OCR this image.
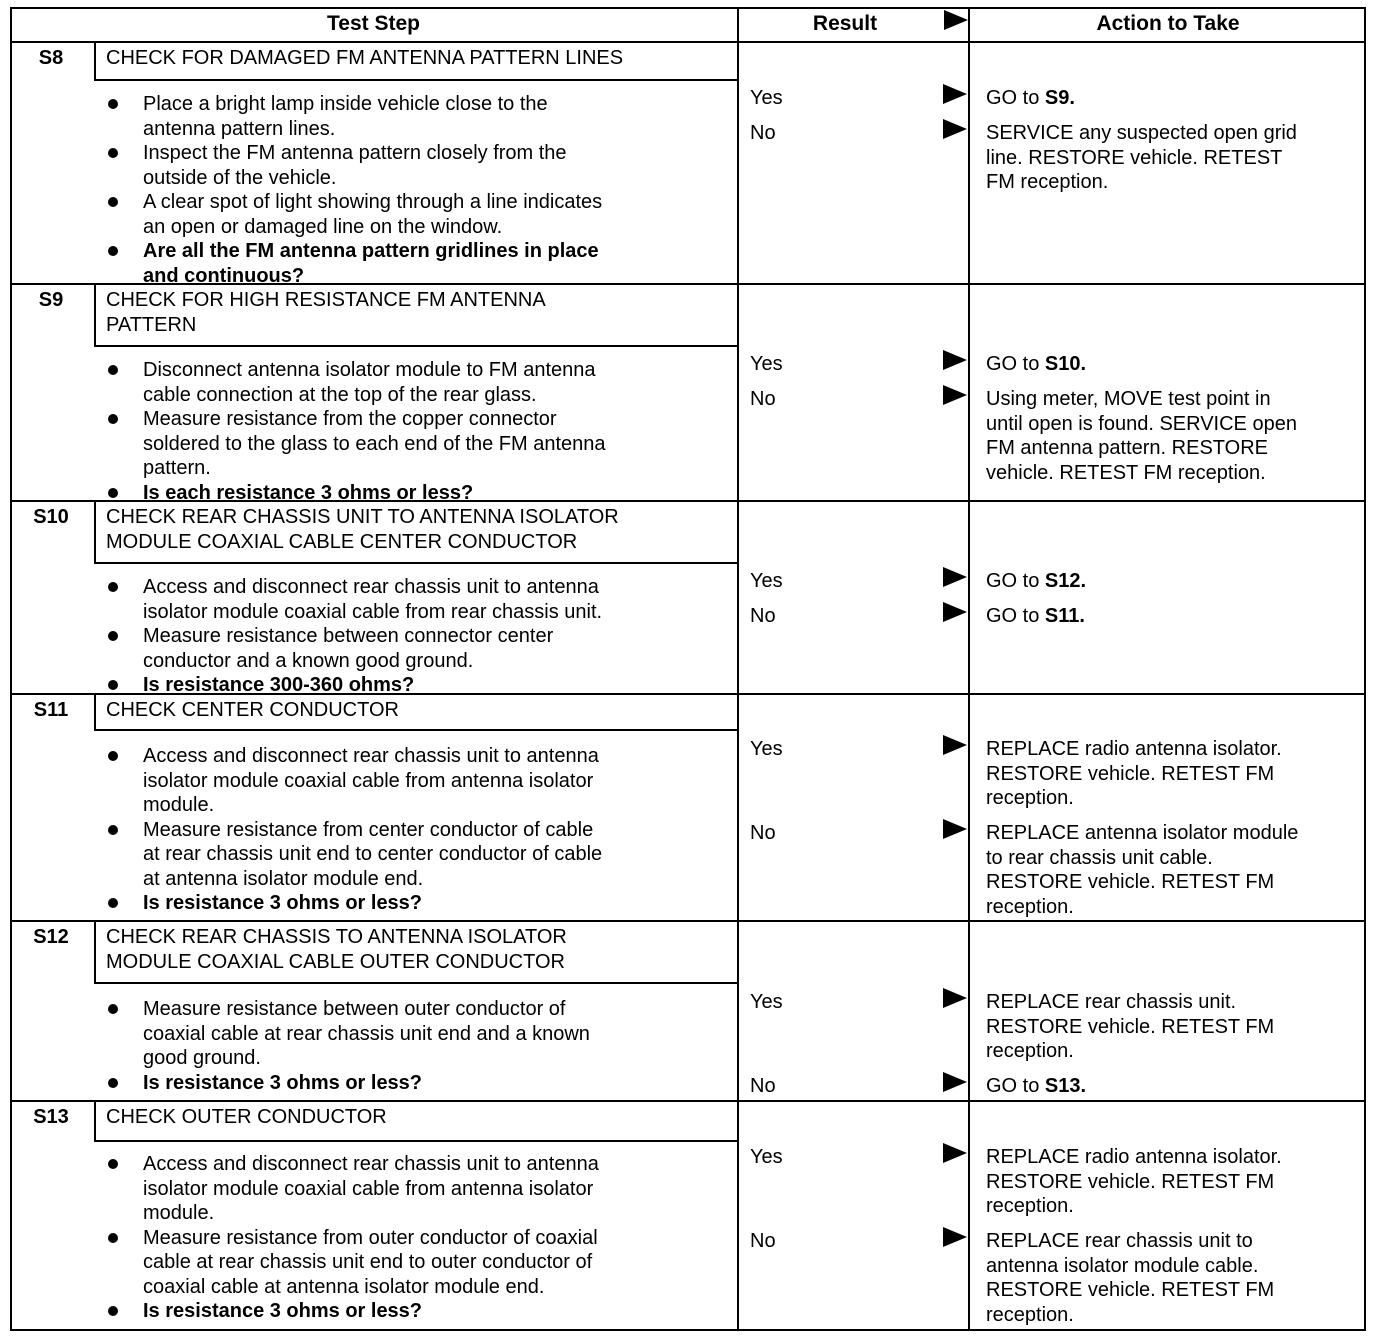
Test Step	Result	Action to Take
S8	CHECK FOR DAMAGED FM ANTENNA PATTERN LINES
Place a bright lamp inside vehicle close to the
antenna pattern lines.
Inspect the FM antenna pattern closely from the
outside of the vehicle.
A clear spot of light showing through a line indicates
an open or damaged line on the window.
Are all the FM antenna pattern gridlines in place
and continuous?
Yes	GO to S9.
No	SERVICE any suspected open grid
line. RESTORE vehicle. RETEST
FM reception.
S9	CHECK FOR HIGH RESISTANCE FM ANTENNA
PATTERN
Disconnect antenna isolator module to FM antenna
cable connection at the top of the rear glass.
Measure resistance from the copper connector
soldered to the glass to each end of the FM antenna
pattern.
Is each resistance 3 ohms or less?
Yes	GO to S10.
No	Using meter, MOVE test point in
until open is found. SERVICE open
FM antenna pattern. RESTORE
vehicle. RETEST FM reception.
S10	CHECK REAR CHASSIS UNIT TO ANTENNA ISOLATOR
MODULE COAXIAL CABLE CENTER CONDUCTOR
Access and disconnect rear chassis unit to antenna
isolator module coaxial cable from rear chassis unit.
Measure resistance between connector center
conductor and a known good ground.
Is resistance 300-360 ohms?
Yes	GO to S12.
No	GO to S11.
S11	CHECK CENTER CONDUCTOR
Access and disconnect rear chassis unit to antenna
isolator module coaxial cable from antenna isolator
module.
Measure resistance from center conductor of cable
at rear chassis unit end to center conductor of cable
at antenna isolator module end.
Is resistance 3 ohms or less?
Yes	REPLACE radio antenna isolator.
RESTORE vehicle. RETEST FM
reception.
No	REPLACE antenna isolator module
to rear chassis unit cable.
RESTORE vehicle. RETEST FM
reception.
S12	CHECK REAR CHASSIS TO ANTENNA ISOLATOR
MODULE COAXIAL CABLE OUTER CONDUCTOR
Measure resistance between outer conductor of
coaxial cable at rear chassis unit end and a known
good ground.
Is resistance 3 ohms or less?
Yes	REPLACE rear chassis unit.
RESTORE vehicle. RETEST FM
reception.
No	GO to S13.
S13	CHECK OUTER CONDUCTOR
Access and disconnect rear chassis unit to antenna
isolator module coaxial cable from antenna isolator
module.
Measure resistance from outer conductor of coaxial
cable at rear chassis unit end to outer conductor of
coaxial cable at antenna isolator module end.
Is resistance 3 ohms or less?
Yes	REPLACE radio antenna isolator.
RESTORE vehicle. RETEST FM
reception.
No	REPLACE rear chassis unit to
antenna isolator module cable.
RESTORE vehicle. RETEST FM
reception.
